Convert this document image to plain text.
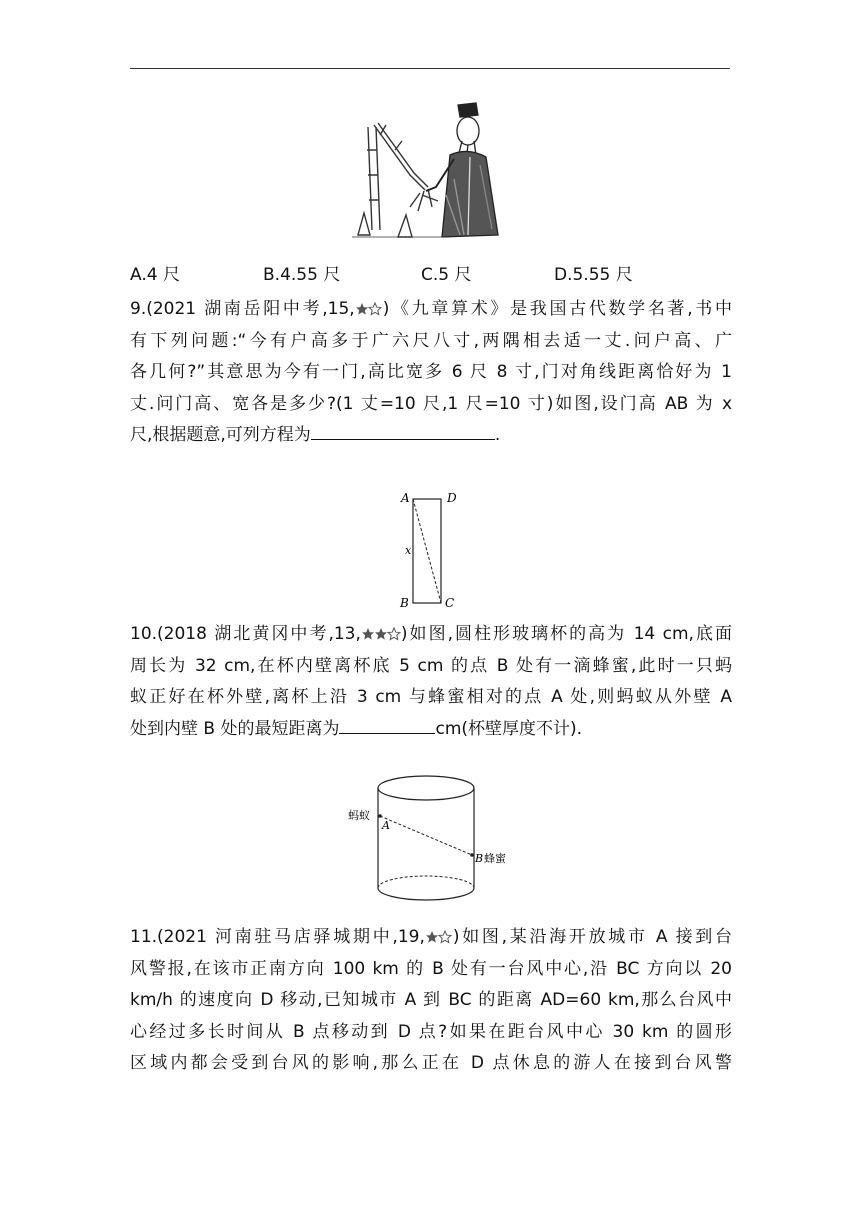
A.4 尺	B.4.55 尺	C.5 尺	D.5.55 尺
9.(2021 湖南岳阳中考,15, )《九章算术》是我国古代数学名著,书中
有下列问题:“今有户高多于广六尺八寸,两隅相去适一丈.问户高、广
各几何?”其意思为今有一门,高比宽多 6 尺 8 寸,门对角线距离恰好为 1
丈.问门高、宽各是多少?(1 丈=10 尺,1 尺=10 寸)如图,设门高 AB 为 x
尺,根据题意,可列方程为	.
A	D
x
B	C
10.(2018 湖北黄冈中考,13, )如图,圆柱形玻璃杯的高为 14 cm,底面
周长为 32 cm,在杯内壁离杯底 5 cm 的点 B 处有一滴蜂蜜,此时一只蚂
蚁正好在杯外壁,离杯上沿 3 cm 与蜂蜜相对的点 A 处,则蚂蚁从外壁 A
处到内壁 B 处的最短距离为	cm(杯壁厚度不计).
蚂蚁
A
B 蜂蜜
11.(2021 河南驻马店驿城期中,19, )如图,某沿海开放城市 A 接到台
风警报,在该市正南方向 100 km 的 B 处有一台风中心,沿 BC 方向以 20
km/h 的速度向 D 移动,已知城市 A 到 BC 的距离 AD=60 km,那么台风中
心经过多长时间从 B 点移动到 D 点?如果在距台风中心 30 km 的圆形
区域内都会受到台风的影响,那么正在 D 点休息的游人在接到台风警
